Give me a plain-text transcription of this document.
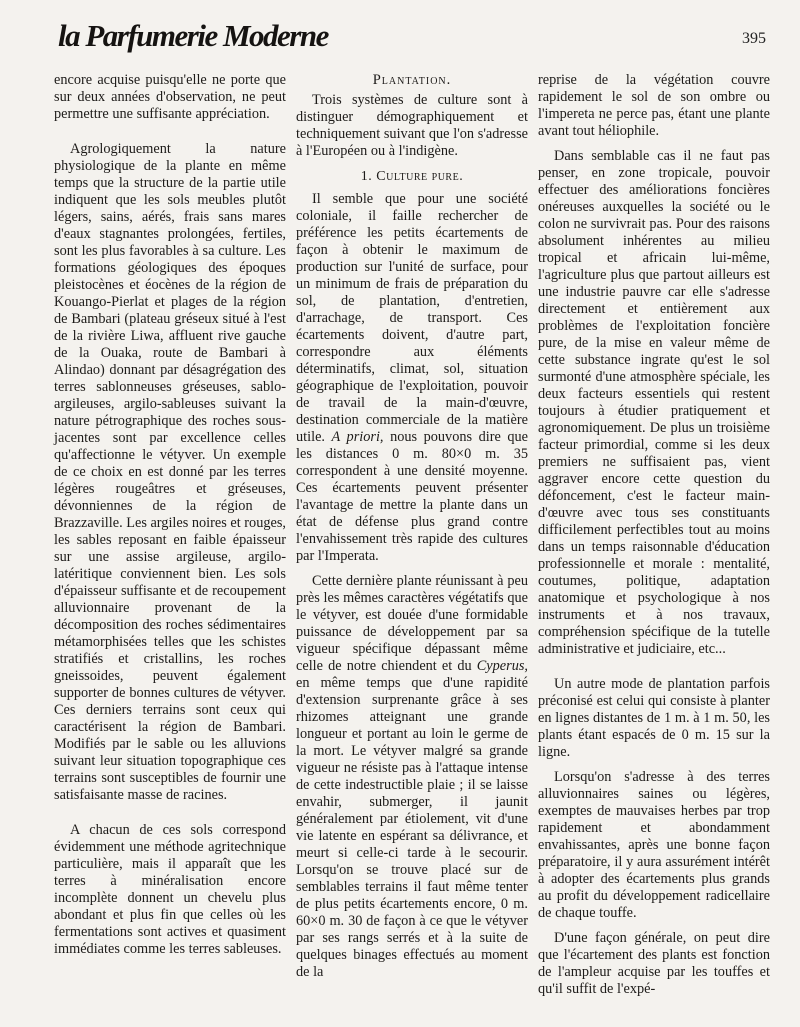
la Parfumerie Moderne	395

encore acquise puisqu'elle ne porte que sur deux années d'observation, ne peut permettre une suffisante appréciation.

Agrologiquement la nature physiologique de la plante en même temps que la structure de la partie utile indiquent que les sols meubles plutôt légers, sains, aérés, frais sans mares d'eaux stagnantes prolongées, fertiles, sont les plus favorables à sa culture. Les formations géologiques des époques pleistocènes et éocènes de la région de Kouango-Pierlat et plages de la région de Bambari (plateau gréseux situé à l'est de la rivière Liwa, affluent rive gauche de la Ouaka, route de Bambari à Alindao) donnant par désagrégation des terres sablonneuses gréseuses, sablo-argileuses, argilo-sableuses suivant la nature pétrographique des roches sous-jacentes sont par excellence celles qu'affectionne le vétyver. Un exemple de ce choix en est donné par les terres légères rougeâtres et gréseuses, dévonniennes de la région de Brazzaville. Les argiles noires et rouges, les sables reposant en faible épaisseur sur une assise argileuse, argilo-latéritique conviennent bien. Les sols d'épaisseur suffisante et de recoupement alluvionnaire provenant de la décomposition des roches sédimentaires métamorphisées telles que les schistes stratifiés et cristallins, les roches gneissoides, peuvent également supporter de bonnes cultures de vétyver. Ces derniers terrains sont ceux qui caractérisent la région de Bambari. Modifiés par le sable ou les alluvions suivant leur situation topographique ces terrains sont susceptibles de fournir une satisfaisante masse de racines.

A chacun de ces sols correspond évidemment une méthode agritechnique particulière, mais il apparaît que les terres à minéralisation encore incomplète donnent un chevelu plus abondant et plus fin que celles où les fermentations sont actives et quasiment immédiates comme les terres sableuses.

Plantation.

Trois systèmes de culture sont à distinguer démographiquement et techniquement suivant que l'on s'adresse à l'Européen ou à l'indigène.

1. Culture pure.

Il semble que pour une société coloniale, il faille rechercher de préférence les petits écartements de façon à obtenir le maximum de production sur l'unité de surface, pour un minimum de frais de préparation du sol, de plantation, d'entretien, d'arrachage, de transport. Ces écartements doivent, d'autre part, correspondre aux éléments déterminatifs, climat, sol, situation géographique de l'exploitation, pouvoir de travail de la main-d'œuvre, destination commerciale de la matière utile. A priori, nous pouvons dire que les distances 0 m. 80×0 m. 35 correspondent à une densité moyenne. Ces écartements peuvent présenter l'avantage de mettre la plante dans un état de défense plus grand contre l'envahissement très rapide des cultures par l'Imperata.

Cette dernière plante réunissant à peu près les mêmes caractères végétatifs que le vétyver, est douée d'une formidable puissance de développement par sa vigueur spécifique dépassant même celle de notre chiendent et du Cyperus, en même temps que d'une rapidité d'extension surprenante grâce à ses rhizomes atteignant une grande longueur et portant au loin le germe de la mort. Le vétyver malgré sa grande vigueur ne résiste pas à l'attaque intense de cette indestructible plaie ; il se laisse envahir, submerger, il jaunit généralement par étiolement, vit d'une vie latente en espérant sa délivrance, et meurt si celle-ci tarde à le secourir. Lorsqu'on se trouve placé sur de semblables terrains il faut même tenter de plus petits écartements encore, 0 m. 60×0 m. 30 de façon à ce que le vétyver par ses rangs serrés et à la suite de quelques binages effectués au moment de la

reprise de la végétation couvre rapidement le sol de son ombre ou l'impereta ne perce pas, étant une plante avant tout héliophile.

Dans semblable cas il ne faut pas penser, en zone tropicale, pouvoir effectuer des améliorations foncières onéreuses auxquelles la société ou le colon ne survivrait pas. Pour des raisons absolument inhérentes au milieu tropical et africain lui-même, l'agriculture plus que partout ailleurs est une industrie pauvre car elle s'adresse directement et entièrement aux problèmes de l'exploitation foncière pure, de la mise en valeur même de cette substance ingrate qu'est le sol surmonté d'une atmosphère spéciale, les deux facteurs essentiels qui restent toujours à étudier pratiquement et agronomiquement. De plus un troisième facteur primordial, comme si les deux premiers ne suffisaient pas, vient aggraver encore cette question du défoncement, c'est le facteur main-d'œuvre avec tous ses constituants difficilement perfectibles tout au moins dans un temps raisonnable d'éducation professionnelle et morale : mentalité, coutumes, politique, adaptation anatomique et psychologique à nos instruments et à nos travaux, compréhension spécifique de la tutelle administrative et judiciaire, etc...

Un autre mode de plantation parfois préconisé est celui qui consiste à planter en lignes distantes de 1 m. à 1 m. 50, les plants étant espacés de 0 m. 15 sur la ligne.

Lorsqu'on s'adresse à des terres alluvionnaires saines ou légères, exemptes de mauvaises herbes par trop rapidement et abondamment envahissantes, après une bonne façon préparatoire, il y aura assurément intérêt à adopter des écartements plus grands au profit du développement radicellaire de chaque touffe.

D'une façon générale, on peut dire que l'écartement des plants est fonction de l'ampleur acquise par les touffes et qu'il suffit de l'expé-
